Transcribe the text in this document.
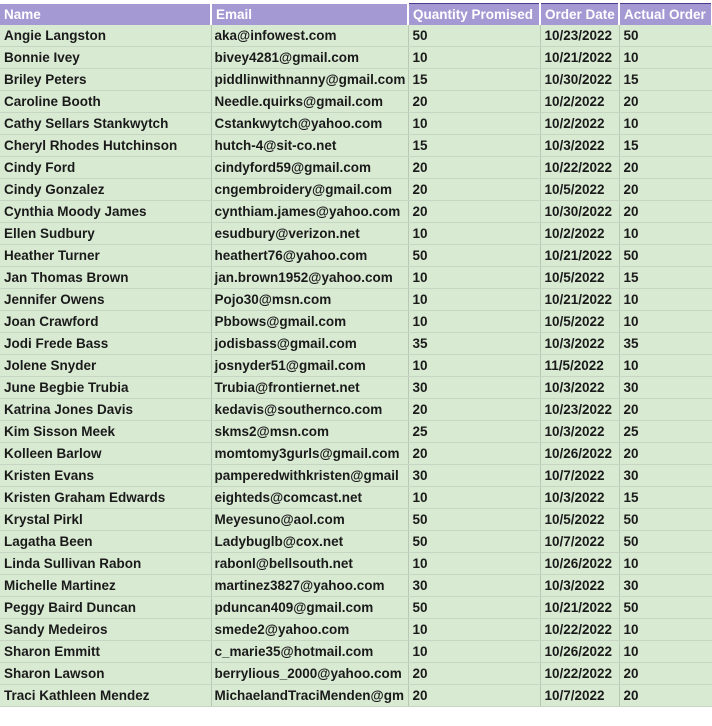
Name	Email	Quantity Promised	Order Date	Actual Order
Angie Langston	aka@infowest.com	50	10/23/2022	50
Bonnie Ivey	bivey4281@gmail.com	10	10/21/2022	10
Briley Peters	piddlinwithnanny@gmail.com	15	10/30/2022	15
Caroline Booth	Needle.quirks@gmail.com	20	10/2/2022	20
Cathy Sellars Stankwytch	Cstankwytch@yahoo.com	10	10/2/2022	10
Cheryl Rhodes Hutchinson	hutch-4@sit-co.net	15	10/3/2022	15
Cindy Ford	cindyford59@gmail.com	20	10/22/2022	20
Cindy Gonzalez	cngembroidery@gmail.com	20	10/5/2022	20
Cynthia Moody James	cynthiam.james@yahoo.com	20	10/30/2022	20
Ellen Sudbury	esudbury@verizon.net	10	10/2/2022	10
Heather Turner	heathert76@yahoo.com	50	10/21/2022	50
Jan Thomas Brown	jan.brown1952@yahoo.com	10	10/5/2022	15
Jennifer Owens	Pojo30@msn.com	10	10/21/2022	10
Joan Crawford	Pbbows@gmail.com	10	10/5/2022	10
Jodi Frede Bass	jodisbass@gmail.com	35	10/3/2022	35
Jolene Snyder	josnyder51@gmail.com	10	11/5/2022	10
June Begbie Trubia	Trubia@frontiernet.net	30	10/3/2022	30
Katrina Jones Davis	kedavis@southernco.com	20	10/23/2022	20
Kim Sisson Meek	skms2@msn.com	25	10/3/2022	25
Kolleen Barlow	momtomy3gurls@gmail.com	20	10/26/2022	20
Kristen Evans	pamperedwithkristen@gmail	30	10/7/2022	30
Kristen Graham Edwards	eighteds@comcast.net	10	10/3/2022	15
Krystal Pirkl	Meyesuno@aol.com	50	10/5/2022	50
Lagatha Been	Ladybuglb@cox.net	50	10/7/2022	50
Linda Sullivan Rabon	rabonl@bellsouth.net	10	10/26/2022	10
Michelle Martinez	martinez3827@yahoo.com	30	10/3/2022	30
Peggy Baird Duncan	pduncan409@gmail.com	50	10/21/2022	50
Sandy Medeiros	smede2@yahoo.com	10	10/22/2022	10
Sharon Emmitt	c_marie35@hotmail.com	10	10/26/2022	10
Sharon Lawson	berrylious_2000@yahoo.com	20	10/22/2022	20
Traci Kathleen Mendez	MichaelandTraciMenden@gm	20	10/7/2022	20
